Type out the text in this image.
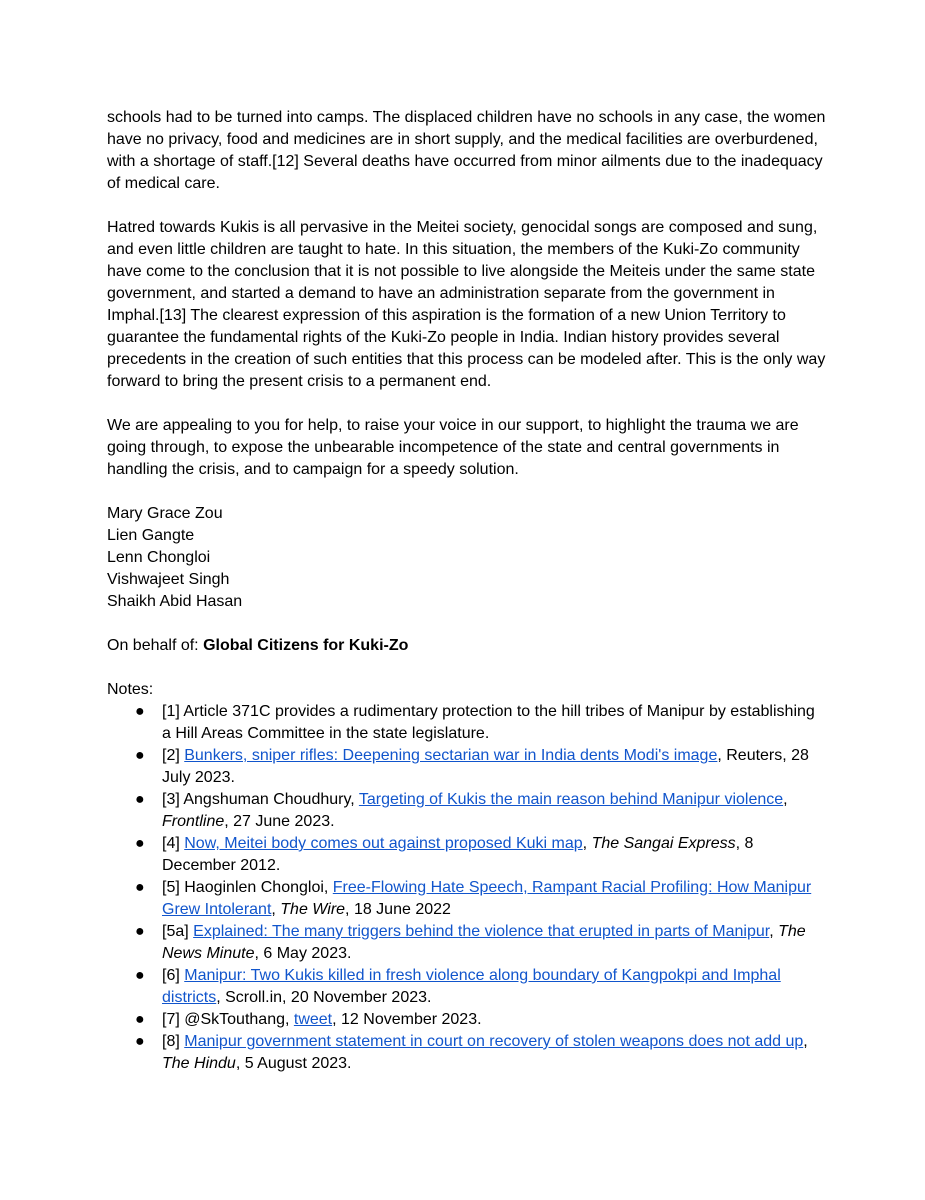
schools had to be turned into camps. The displaced children have no schools in any case, the women have no privacy, food and medicines are in short supply, and the medical facilities are overburdened, with a shortage of staff.[12] Several deaths have occurred from minor ailments due to the inadequacy of medical care.

Hatred towards Kukis is all pervasive in the Meitei society, genocidal songs are composed and sung, and even little children are taught to hate. In this situation, the members of the Kuki-Zo community have come to the conclusion that it is not possible to live alongside the Meiteis under the same state government, and started a demand to have an administration separate from the government in Imphal.[13] The clearest expression of this aspiration is the formation of a new Union Territory to guarantee the fundamental rights of the Kuki-Zo people in India. Indian history provides several precedents in the creation of such entities that this process can be modeled after. This is the only way forward to bring the present crisis to a permanent end.

We are appealing to you for help, to raise your voice in our support, to highlight the trauma we are going through, to expose the unbearable incompetence of the state and central governments in handling the crisis, and to campaign for a speedy solution.

Mary Grace Zou
Lien Gangte
Lenn Chongloi
Vishwajeet Singh
Shaikh Abid Hasan
On behalf of: Global Citizens for Kuki-Zo
Notes:
● [1] Article 371C provides a rudimentary protection to the hill tribes of Manipur by establishing a Hill Areas Committee in the state legislature.
● [2] Bunkers, sniper rifles: Deepening sectarian war in India dents Modi's image, Reuters, 28 July 2023.
● [3] Angshuman Choudhury, Targeting of Kukis the main reason behind Manipur violence, Frontline, 27 June 2023.
● [4] Now, Meitei body comes out against proposed Kuki map, The Sangai Express, 8 December 2012.
● [5] Haoginlen Chongloi, Free-Flowing Hate Speech, Rampant Racial Profiling: How Manipur Grew Intolerant, The Wire, 18 June 2022
● [5a] Explained: The many triggers behind the violence that erupted in parts of Manipur, The News Minute, 6 May 2023.
● [6] Manipur: Two Kukis killed in fresh violence along boundary of Kangpokpi and Imphal districts, Scroll.in, 20 November 2023.
● [7] @SkTouthang, tweet, 12 November 2023.
● [8] Manipur government statement in court on recovery of stolen weapons does not add up, The Hindu, 5 August 2023.
